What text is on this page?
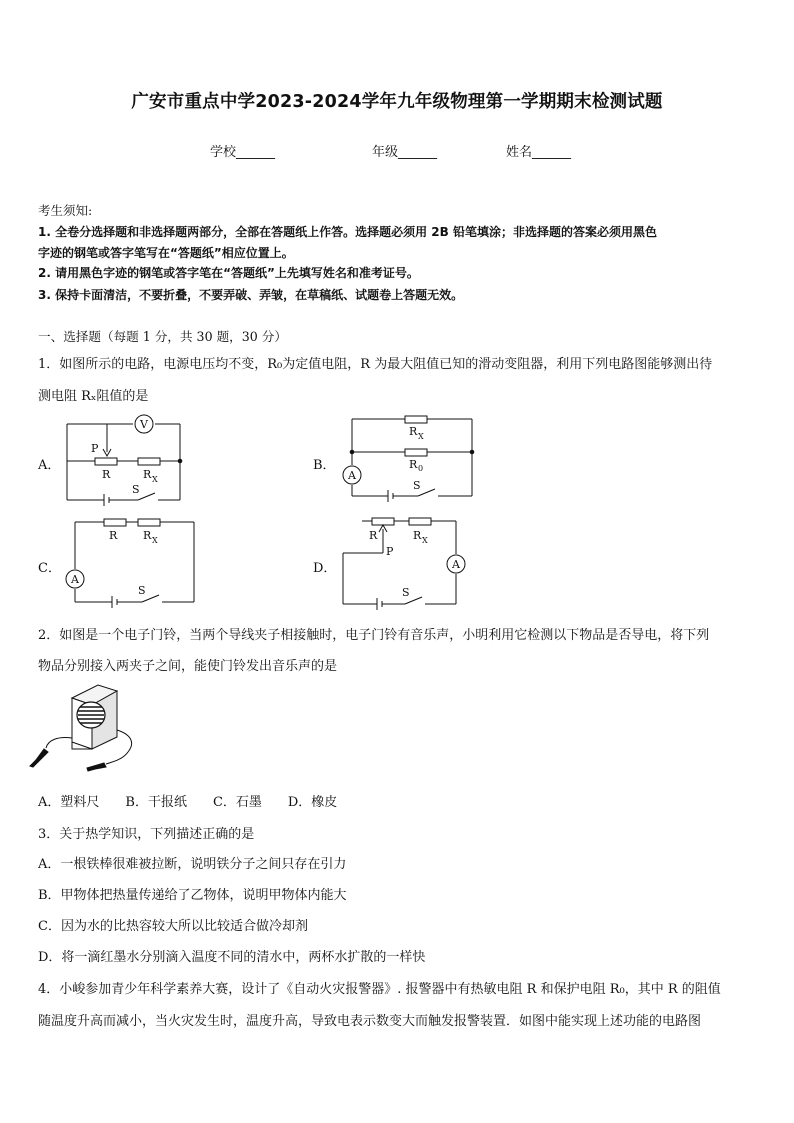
广安市重点中学2023-2024学年九年级物理第一学期期末检测试题
学校______	年级______	姓名______
考生须知:
1. 全卷分选择题和非选择题两部分，全部在答题纸上作答。选择题必须用 2B 铅笔填涂；非选择题的答案必须用黑色
字迹的钢笔或答字笔写在“答题纸”相应位置上。
2. 请用黑色字迹的钢笔或答字笔在“答题纸”上先填写姓名和准考证号。
3. 保持卡面清洁，不要折叠，不要弄破、弄皱，在草稿纸、试题卷上答题无效。
一、选择题（每题 1 分，共 30 题，30 分）
1．如图所示的电路，电源电压均不变，R₀为定值电阻，R 为最大阻值已知的滑动变阻器，利用下列电路图能够测出待
测电阻 Rₓ阻值的是
V
P
R	R X
S
R X
R 0
A
S
R R X
A
S
R
P
R X
A
S
A．	B．
C．	D．
2．如图是一个电子门铃，当两个导线夹子相接触时，电子门铃有音乐声，小明利用它检测以下物品是否导电，将下列
物品分别接入两夹子之间，能使门铃发出音乐声的是
A．塑料尺　　B．干报纸　　C．石墨　　D．橡皮
3．关于热学知识，下列描述正确的是
A．一根铁棒很难被拉断，说明铁分子之间只存在引力
B．甲物体把热量传递给了乙物体，说明甲物体内能大
C．因为水的比热容较大所以比较适合做冷却剂
D．将一滴红墨水分别滴入温度不同的清水中，两杯水扩散的一样快
4．小峻参加青少年科学素养大赛，设计了《自动火灾报警器》. 报警器中有热敏电阻 R 和保护电阻 R₀，其中 R 的阻值
随温度升高而减小，当火灾发生时，温度升高，导致电表示数变大而触发报警装置．如图中能实现上述功能的电路图
